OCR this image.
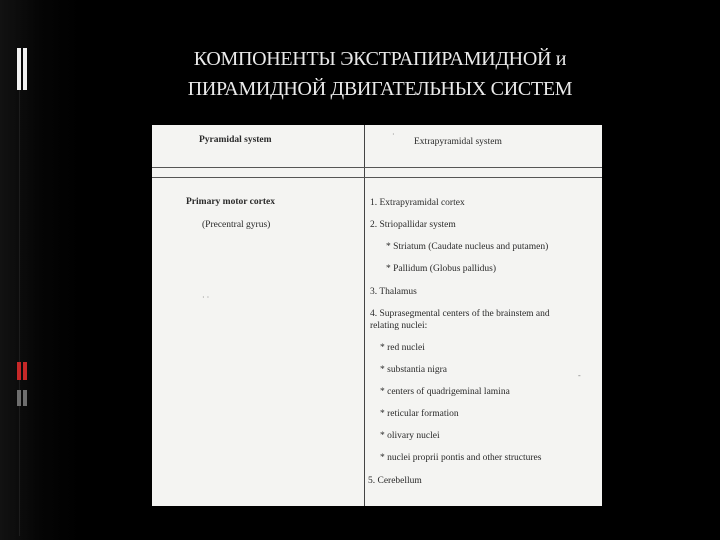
КОМПОНЕНТЫ ЭКСТРАПИРАМИДНОЙ и
ПИРАМИДНОЙ ДВИГАТЕЛЬНЫХ СИСТЕМ
Pyramidal system	Extrapyramidal system
Primary motor cortex
(Precentral gyrus)
· ·
·
1. Extrapyramidal cortex
2. Striopallidar system
* Striatum (Cаudate nucleus and putamen)
* Pallidum (Globus pallidus)
3. Thalamus
4. Suprasegmental centers of the brainstem and
relating nuclei:
* red nuclei
* substantia nigra
* centers of quadrigeminal lamina
* reticular formation
* olivary nuclei
* nuclei proprii pontis and other structures
5. Cerebellum
-
